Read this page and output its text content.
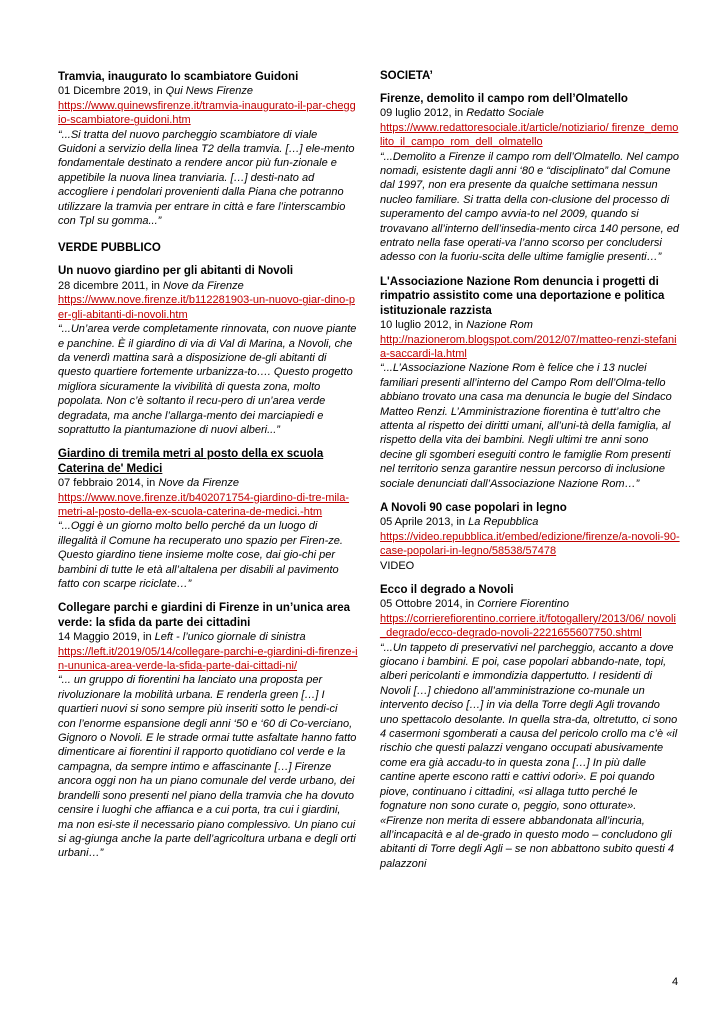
Tramvia, inaugurato lo scambiatore Guidoni
01 Dicembre 2019, in Qui News Firenze
https://www.quinewsfirenze.it/tramvia-inaugurato-il-par-cheggio-scambiatore-guidoni.htm
“...Si tratta del nuovo parcheggio scambiatore di viale Guidoni a servizio della linea T2 della tramvia. […] ele-mento fondamentale destinato a rendere ancor più fun-zionale e appetibile la nuova linea tranviaria. […] desti-nato ad accogliere i pendolari provenienti dalla Piana che potranno utilizzare la tramvia per entrare in città e fare l’interscambio con Tpl su gomma...”
VERDE PUBBLICO
Un nuovo giardino per gli abitanti di Novoli
28 dicembre 2011, in Nove da Firenze
https://www.nove.firenze.it/b112281903-un-nuovo-giar-dino-per-gli-abitanti-di-novoli.htm
“...Un’area verde completamente rinnovata, con nuove piante e panchine. È il giardino di via di Val di Marina, a Novoli, che da venerdì mattina sarà a disposizione de-gli abitanti di questo quartiere fortemente urbanizza-to…. Questo progetto migliora sicuramente la vivibilità di questa zona, molto popolata. Non c’è soltanto il recu-pero di un’area verde degradata, ma anche l’allarga-mento dei marciapiedi e soprattutto la piantumazione di nuovi alberi...”
Giardino di tremila metri al posto della ex scuola Caterina de' Medici
07 febbraio 2014, in Nove da Firenze
https://www.nove.firenze.it/b402071754-giardino-di-tre-mila-metri-al-posto-della-ex-scuola-caterina-de-medici.-htm
“...Oggi è un giorno molto bello perché da un luogo di illegalità il Comune ha recuperato uno spazio per Firen-ze. Questo giardino tiene insieme molte cose, dai gio-chi per bambini di tutte le età all’altalena per disabili al pavimento fatto con scarpe riciclate…”
Collegare parchi e giardini di Firenze in un’unica area verde: la sfida da parte dei cittadini
14 Maggio 2019, in Left - l’unico giornale di sinistra
https://left.it/2019/05/14/collegare-parchi-e-giardini-di-firenze-in-ununica-area-verde-la-sfida-parte-dai-cittadi-ni/
“... un gruppo di fiorentini ha lanciato una proposta per rivoluzionare la mobilità urbana. E renderla green […] I quartieri nuovi si sono sempre più inseriti sotto le pendi-ci con l’enorme espansione degli anni ‘50 e ‘60 di Co-verciano, Gignoro o Novoli. E le strade ormai tutte asfaltate hanno fatto dimenticare ai fiorentini il rapporto quotidiano col verde e la campagna, da sempre intimo e affascinante […] Firenze ancora oggi non ha un piano comunale del verde urbano, dei brandelli sono presenti nel piano della tramvia che ha dovuto censire i luoghi che affianca e a cui porta, tra cui i giardini, ma non esi-ste il necessario piano complessivo. Un piano cui si ag-giunga anche la parte dell’agricoltura urbana e degli orti urbani…”
SOCIETA’
Firenze, demolito il campo rom dell’Olmatello
09 luglio 2012, in Redatto Sociale
https://www.redattoresociale.it/article/notiziario/ firenze_demolito_il_campo_rom_dell_olmatello
“...Demolito a Firenze il campo rom dell’Olmatello. Nel campo nomadi, esistente dagli anni ‘80 e “disciplinato” dal Comune dal 1997, non era presente da qualche settimana nessun nucleo familiare. Si tratta della con-clusione del processo di superamento del campo avvia-to nel 2009, quando si trovavano all’interno dell’insedia-mento circa 140 persone, ed entrato nella fase operati-va l’anno scorso per concludersi adesso con la fuoriu-scita delle ultime famiglie presenti…”
L'Associazione Nazione Rom denuncia i progetti di rimpatrio assistito come una deportazione e politica istituzionale razzista
10 luglio 2012, in Nazione Rom
http://nazionerom.blogspot.com/2012/07/matteo-renzi-stefania-saccardi-la.html
“...L’Associazione Nazione Rom è felice che i 13 nuclei familiari presenti all’interno del Campo Rom dell’Olma-tello abbiano trovato una casa ma denuncia le bugie del Sindaco Matteo Renzi. L’Amministrazione fiorentina è tutt’altro che attenta al rispetto dei diritti umani, all’uni-tà della famiglia, al rispetto della vita dei bambini. Negli ultimi tre anni sono decine gli sgomberi eseguiti contro le famiglie Rom presenti nel territorio senza garantire nessun percorso di inclusione sociale denunciati dall’Associazione Nazione Rom…”
A Novoli 90 case popolari in legno
05 Aprile 2013, in La Repubblica
https://video.repubblica.it/embed/edizione/firenze/a-novoli-90-case-popolari-in-legno/58538/57478
VIDEO
Ecco il degrado a Novoli
05 Ottobre 2014, in Corriere Fiorentino
https://corrierefiorentino.corriere.it/fotogallery/2013/06/ novoli_degrado/ecco-degrado-novoli-2221655607750.shtml
“...Un tappeto di preservativi nel parcheggio, accanto a dove giocano i bambini. E poi, case popolari abbando-nate, topi, alberi pericolanti e immondizia dappertutto. I residenti di Novoli […] chiedono all’amministrazione co-munale un intervento deciso […] in via della Torre degli Agli trovando uno spettacolo desolante. In quella stra-da, oltretutto, ci sono 4 casermoni sgomberati a causa del pericolo crollo ma c’è «il rischio che questi palazzi vengano occupati abusivamente come era già accadu-to in questa zona […] In più dalle cantine aperte escono ratti e cattivi odori». E poi quando piove, continuano i cittadini, «si allaga tutto perché le fognature non sono curate o, peggio, sono otturate». «Firenze non merita di essere abbandonata all’incuria, all’incapacità e al de-grado in questo modo – concludono gli abitanti di Torre degli Agli – se non abbattono subito questi 4 palazzoni
4
